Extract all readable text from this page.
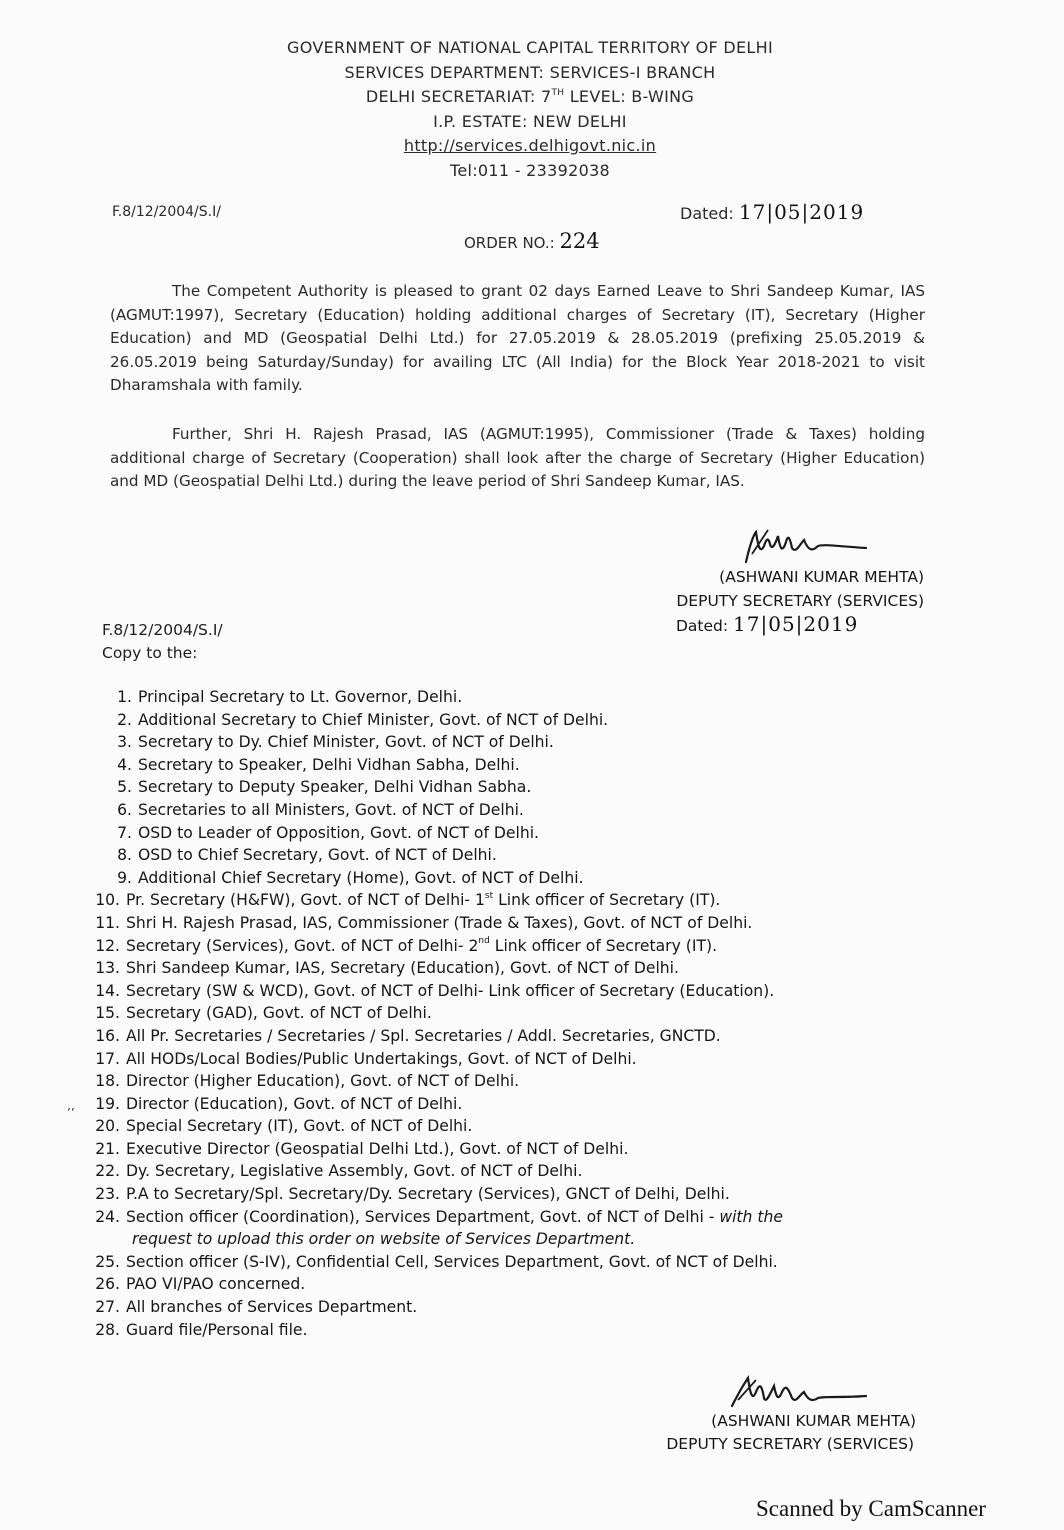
GOVERNMENT OF NATIONAL CAPITAL TERRITORY OF DELHI
SERVICES DEPARTMENT: SERVICES-I BRANCH
DELHI SECRETARIAT: 7TH LEVEL: B-WING
I.P. ESTATE: NEW DELHI
http://services.delhigovt.nic.in
Tel:011 - 23392038
F.8/12/2004/S.I/	Dated: 17|05|2019
ORDER NO.: 224

The Competent Authority is pleased to grant 02 days Earned Leave to Shri Sandeep Kumar, IAS (AGMUT:1997), Secretary (Education) holding additional charges of Secretary (IT), Secretary (Higher Education) and MD (Geospatial Delhi Ltd.) for 27.05.2019 & 28.05.2019 (prefixing 25.05.2019 & 26.05.2019 being Saturday/Sunday) for availing LTC (All India) for the Block Year 2018-2021 to visit Dharamshala with family.

Further, Shri H. Rajesh Prasad, IAS (AGMUT:1995), Commissioner (Trade & Taxes) holding additional charge of Secretary (Cooperation) shall look after the charge of Secretary (Higher Education) and MD (Geospatial Delhi Ltd.) during the leave period of Shri Sandeep Kumar, IAS.

(ASHWANI KUMAR MEHTA)
DEPUTY SECRETARY (SERVICES)
Dated: 17|05|2019
F.8/12/2004/S.I/
Copy to the:
1. Principal Secretary to Lt. Governor, Delhi.
2. Additional Secretary to Chief Minister, Govt. of NCT of Delhi.
3. Secretary to Dy. Chief Minister, Govt. of NCT of Delhi.
4. Secretary to Speaker, Delhi Vidhan Sabha, Delhi.
5. Secretary to Deputy Speaker, Delhi Vidhan Sabha.
6. Secretaries to all Ministers, Govt. of NCT of Delhi.
7. OSD to Leader of Opposition, Govt. of NCT of Delhi.
8. OSD to Chief Secretary, Govt. of NCT of Delhi.
9. Additional Chief Secretary (Home), Govt. of NCT of Delhi.
10. Pr. Secretary (H&FW), Govt. of NCT of Delhi- 1st Link officer of Secretary (IT).
11. Shri H. Rajesh Prasad, IAS, Commissioner (Trade & Taxes), Govt. of NCT of Delhi.
12. Secretary (Services), Govt. of NCT of Delhi- 2nd Link officer of Secretary (IT).
13. Shri Sandeep Kumar, IAS, Secretary (Education), Govt. of NCT of Delhi.
14. Secretary (SW & WCD), Govt. of NCT of Delhi- Link officer of Secretary (Education).
15. Secretary (GAD), Govt. of NCT of Delhi.
16. All Pr. Secretaries / Secretaries / Spl. Secretaries / Addl. Secretaries, GNCTD.
17. All HODs/Local Bodies/Public Undertakings, Govt. of NCT of Delhi.
18. Director (Higher Education), Govt. of NCT of Delhi.
19. Director (Education), Govt. of NCT of Delhi.
20. Special Secretary (IT), Govt. of NCT of Delhi.
21. Executive Director (Geospatial Delhi Ltd.), Govt. of NCT of Delhi.
22. Dy. Secretary, Legislative Assembly, Govt. of NCT of Delhi.
23. P.A to Secretary/Spl. Secretary/Dy. Secretary (Services), GNCT of Delhi, Delhi.
24. Section officer (Coordination), Services Department, Govt. of NCT of Delhi - with the
request to upload this order on website of Services Department.
25. Section officer (S-IV), Confidential Cell, Services Department, Govt. of NCT of Delhi.
26. PAO VI/PAO concerned.
27. All branches of Services Department.
28. Guard file/Personal file.
’’
(ASHWANI KUMAR MEHTA)
DEPUTY SECRETARY (SERVICES)
Scanned by CamScanner
